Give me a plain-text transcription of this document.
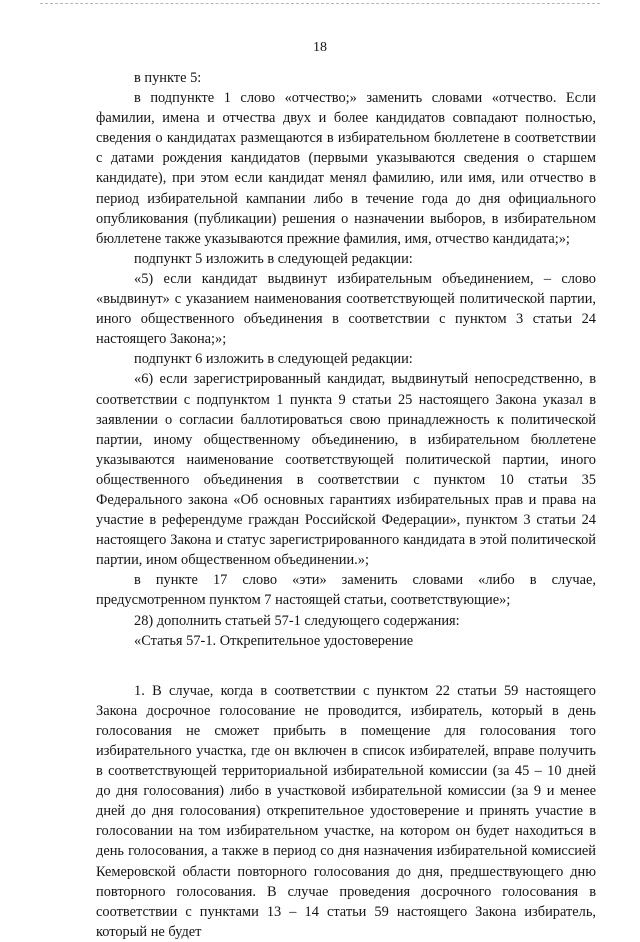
18

в пункте 5:

в подпункте 1 слово «отчество;» заменить словами «отчество. Если фамилии, имена и отчества двух и более кандидатов совпадают полностью, сведения о кандидатах размещаются в избирательном бюллетене в соответствии с датами рождения кандидатов (первыми указываются сведения о старшем кандидате), при этом если кандидат менял фамилию, или имя, или отчество в период избирательной кампании либо в течение года до дня официального опубликования (публикации) решения о назначении выборов, в избирательном бюллетене также указываются прежние фамилия, имя, отчество кандидата;»;

подпункт 5 изложить в следующей редакции:

«5) если кандидат выдвинут избирательным объединением, – слово «выдвинут» с указанием наименования соответствующей политической партии, иного общественного объединения в соответствии с пунктом 3 статьи 24 настоящего Закона;»;

подпункт 6 изложить в следующей редакции:

«6) если зарегистрированный кандидат, выдвинутый непосредственно, в соответствии с подпунктом 1 пункта 9 статьи 25 настоящего Закона указал в заявлении о согласии баллотироваться свою принадлежность к политической партии, иному общественному объединению, в избирательном бюллетене указываются наименование соответствующей политической партии, иного общественного объединения в соответствии с пунктом 10 статьи 35 Федерального закона «Об основных гарантиях избирательных прав и права на участие в референдуме граждан Российской Федерации», пунктом 3 статьи 24 настоящего Закона и статус зарегистрированного кандидата в этой политической партии, ином общественном объединении.»;

в пункте 17 слово «эти» заменить словами «либо в случае, предусмотренном пунктом 7 настоящей статьи, соответствующие»;

28) дополнить статьей 57-1 следующего содержания:

«Статья 57-1. Открепительное удостоверение

1. В случае, когда в соответствии с пунктом 22 статьи 59 настоящего Закона досрочное голосование не проводится, избиратель, который в день голосования не сможет прибыть в помещение для голосования того избирательного участка, где он включен в список избирателей, вправе получить в соответствующей территориальной избирательной комиссии (за 45 – 10 дней до дня голосования) либо в участковой избирательной комиссии (за 9 и менее дней до дня голосования) открепительное удостоверение и принять участие в голосовании на том избирательном участке, на котором он будет находиться в день голосования, а также в период со дня назначения избирательной комиссией Кемеровской области повторного голосования до дня, предшествующего дню повторного голосования. В случае проведения досрочного голосования в соответствии с пунктами 13 – 14 статьи 59 настоящего Закона избиратель, который не будет
